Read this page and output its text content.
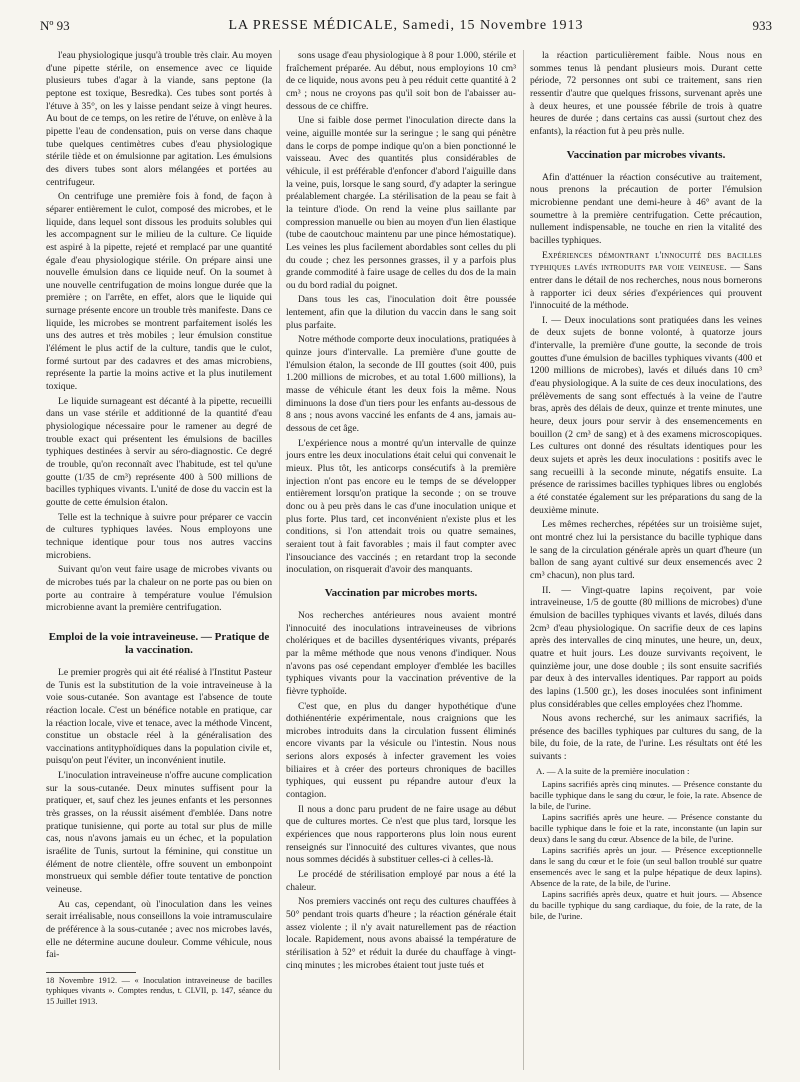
Nº 93	LA PRESSE MÉDICALE, Samedi, 15 Novembre 1913	933

l'eau physiologique jusqu'à trouble très clair. Au moyen d'une pipette stérile, on ensemence avec ce liquide plusieurs tubes d'agar à la viande, sans peptone (la peptone est toxique, Besredka). Ces tubes sont portés à l'étuve à 35°, on les y laisse pendant seize à vingt heures. Au bout de ce temps, on les retire de l'étuve, on enlève à la pipette l'eau de condensation, puis on verse dans chaque tube quelques centimètres cubes d'eau physiologique stérile tiède et on émulsionne par agitation. Les émulsions des divers tubes sont alors mélangées et portées au centrifugeur.

On centrifuge une première fois à fond, de façon à séparer entièrement le culot, composé des microbes, et le liquide, dans lequel sont dissous les produits solubles qui les accompagnent sur le milieu de la culture. Ce liquide est aspiré à la pipette, rejeté et remplacé par une quantité égale d'eau physiologique stérile. On prépare ainsi une nouvelle émulsion dans ce liquide neuf. On la soumet à une nouvelle centrifugation de moins longue durée que la première ; on l'arrête, en effet, alors que le liquide qui surnage présente encore un trouble très manifeste. Dans ce liquide, les microbes se montrent parfaitement isolés les uns des autres et très mobiles ; leur émulsion constitue l'élément le plus actif de la culture, tandis que le culot, formé surtout par des cadavres et des amas microbiens, représente la partie la moins active et la plus inutilement toxique.

Le liquide surnageant est décanté à la pipette, recueilli dans un vase stérile et additionné de la quantité d'eau physiologique nécessaire pour le ramener au degré de trouble exact qui présentent les émulsions de bacilles typhiques destinées à servir au séro-diagnostic. Ce degré de trouble, qu'on reconnaît avec l'habitude, est tel qu'une goutte (1/35 de cm³) représente 400 à 500 millions de bacilles typhiques vivants. L'unité de dose du vaccin est la goutte de cette émulsion étalon.

Telle est la technique à suivre pour préparer ce vaccin de cultures typhiques lavées. Nous employons une technique identique pour tous nos autres vaccins microbiens.

Suivant qu'on veut faire usage de microbes vivants ou de microbes tués par la chaleur on ne porte pas ou bien on porte au contraire à température voulue l'émulsion microbienne avant la première centrifugation.

Emploi de la voie intraveineuse. — Pratique de la vaccination.

Le premier progrès qui ait été réalisé à l'Institut Pasteur de Tunis est la substitution de la voie intraveineuse à la voie sous-cutanée. Son avantage est l'absence de toute réaction locale. C'est un bénéfice notable en pratique, car la réaction locale, vive et tenace, avec la méthode Vincent, constitue un obstacle réel à la généralisation des vaccinations antityphoïdiques dans la population civile et, puisqu'on peut l'éviter, un inconvénient inutile.

L'inoculation intraveineuse n'offre aucune complication sur la sous-cutanée. Deux minutes suffisent pour la pratiquer, et, sauf chez les jeunes enfants et les personnes très grasses, on la réussit aisément d'emblée. Dans notre pratique tunisienne, qui porte au total sur plus de mille cas, nous n'avons jamais eu un échec, et la population israélite de Tunis, surtout la féminine, qui constitue un élément de notre clientèle, offre souvent un embonpoint monstrueux qui semble défier toute tentative de ponction veineuse.

Au cas, cependant, où l'inoculation dans les veines serait irréalisable, nous conseillons la voie intramusculaire de préférence à la sous-cutanée ; avec nos microbes lavés, elle ne détermine aucune douleur. Comme véhicule, nous fai-

18 Novembre 1912. — « Inoculation intraveineuse de bacilles typhiques vivants ». Comptes rendus, t. CLVII, p. 147, séance du 15 Juillet 1913.

sons usage d'eau physiologique à 8 pour 1.000, stérile et fraîchement préparée. Au début, nous employions 10 cm³ de ce liquide, nous avons peu à peu réduit cette quantité à 2 cm³ ; nous ne croyons pas qu'il soit bon de l'abaisser au-dessous de ce chiffre.

Une si faible dose permet l'inoculation directe dans la veine, aiguille montée sur la seringue ; le sang qui pénètre dans le corps de pompe indique qu'on a bien ponctionné le vaisseau. Avec des quantités plus considérables de véhicule, il est préférable d'enfoncer d'abord l'aiguille dans la veine, puis, lorsque le sang sourd, d'y adapter la seringue préalablement chargée. La stérilisation de la peau se fait à la teinture d'iode. On rend la veine plus saillante par compression manuelle ou bien au moyen d'un lien élastique (tube de caoutchouc maintenu par une pince hémostatique). Les veines les plus facilement abordables sont celles du pli du coude ; chez les personnes grasses, il y a parfois plus grande commodité à faire usage de celles du dos de la main ou du bord radial du poignet.

Dans tous les cas, l'inoculation doit être poussée lentement, afin que la dilution du vaccin dans le sang soit plus parfaite.

Notre méthode comporte deux inoculations, pratiquées à quinze jours d'intervalle. La première d'une goutte de l'émulsion étalon, la seconde de III gouttes (soit 400, puis 1.200 millions de microbes, et au total 1.600 millions), la masse de véhicule étant les deux fois la même. Nous diminuons la dose d'un tiers pour les enfants au-dessous de 8 ans ; nous avons vacciné les enfants de 4 ans, jamais au-dessous de cet âge.

L'expérience nous a montré qu'un intervalle de quinze jours entre les deux inoculations était celui qui convenait le mieux. Plus tôt, les anticorps consécutifs à la première injection n'ont pas encore eu le temps de se développer entièrement lorsqu'on pratique la seconde ; on se trouve donc ou à peu près dans le cas d'une inoculation unique et plus forte. Plus tard, cet inconvénient n'existe plus et les conditions, si l'on attendait trois ou quatre semaines, seraient tout à fait favorables ; mais il faut compter avec l'insouciance des vaccinés ; en retardant trop la seconde inoculation, on risquerait d'avoir des manquants.

Vaccination par microbes morts.

Nos recherches antérieures nous avaient montré l'innocuité des inoculations intraveineuses de vibrions cholériques et de bacilles dysentériques vivants, préparés par la même méthode que nous venons d'indiquer. Nous n'avons pas osé cependant employer d'emblée les bacilles typhiques vivants pour la vaccination préventive de la fièvre typhoïde.

C'est que, en plus du danger hypothétique d'une dothiénentérie expérimentale, nous craignions que les microbes introduits dans la circulation fussent éliminés encore vivants par la vésicule ou l'intestin. Nous nous serions alors exposés à infecter gravement les voies biliaires et à créer des porteurs chroniques de bacilles typhiques, qui eussent pu répandre autour d'eux la contagion.

Il nous a donc paru prudent de ne faire usage au début que de cultures mortes. Ce n'est que plus tard, lorsque les expériences que nous rapporterons plus loin nous eurent renseignés sur l'innocuité des cultures vivantes, que nous nous sommes décidés à substituer celles-ci à celles-là.

Le procédé de stérilisation employé par nous a été la chaleur.

Nos premiers vaccinés ont reçu des cultures chauffées à 50° pendant trois quarts d'heure ; la réaction générale était assez violente ; il n'y avait naturellement pas de réaction locale. Rapidement, nous avons abaissé la température de stérilisation à 52° et réduit la durée du chauffage à vingt-cinq minutes ; les microbes étaient tout juste tués et

la réaction particulièrement faible. Nous nous en sommes tenus là pendant plusieurs mois. Durant cette période, 72 personnes ont subi ce traitement, sans rien ressentir d'autre que quelques frissons, survenant après une à deux heures, et une poussée fébrile de trois à quatre heures de durée ; dans certains cas aussi (surtout chez des enfants), la réaction fut à peu près nulle.

Vaccination par microbes vivants.

Afin d'atténuer la réaction consécutive au traitement, nous prenons la précaution de porter l'émulsion microbienne pendant une demi-heure à 46° avant de la soumettre à la première centrifugation. Cette précaution, nullement indispensable, ne touche en rien la vitalité des bacilles typhiques.

Expériences démontrant l'innocuité des bacilles typhiques lavés introduits par voie veineuse. — Sans entrer dans le détail de nos recherches, nous nous bornerons à rapporter ici deux séries d'expériences qui prouvent l'innocuité de la méthode.

I. — Deux inoculations sont pratiquées dans les veines de deux sujets de bonne volonté, à quatorze jours d'intervalle, la première d'une goutte, la seconde de trois gouttes d'une émulsion de bacilles typhiques vivants (400 et 1200 millions de microbes), lavés et dilués dans 10 cm³ d'eau physiologique. A la suite de ces deux inoculations, des prélèvements de sang sont effectués à la veine de l'autre bras, après des délais de deux, quinze et trente minutes, une heure, deux jours pour servir à des ensemencements en bouillon (2 cm³ de sang) et à des examens microscopiques. Les cultures ont donné des résultats identiques pour les deux sujets et après les deux inoculations : positifs avec le sang recueilli à la seconde minute, négatifs ensuite. La présence de rarissimes bacilles typhiques libres ou englobés a été constatée également sur les préparations du sang de la deuxième minute.

Les mêmes recherches, répétées sur un troisième sujet, ont montré chez lui la persistance du bacille typhique dans le sang de la circulation générale après un quart d'heure (un ballon de sang ayant cultivé sur deux ensemencés avec 2 cm³ chacun), non plus tard.

II. — Vingt-quatre lapins reçoivent, par voie intraveineuse, 1/5 de goutte (80 millions de microbes) d'une émulsion de bacilles typhiques vivants et lavés, dilués dans 2cm³ d'eau physiologique. On sacrifie deux de ces lapins après des intervalles de cinq minutes, une heure, un, deux, quatre et huit jours. Les douze survivants reçoivent, le quinzième jour, une dose double ; ils sont ensuite sacrifiés par deux à des intervalles identiques. Par rapport au poids des lapins (1.500 gr.), les doses inoculées sont infiniment plus considérables que celles employées chez l'homme.

Nous avons recherché, sur les animaux sacrifiés, la présence des bacilles typhiques par cultures du sang, de la bile, du foie, de la rate, de l'urine. Les résultats ont été les suivants :

A. — A la suite de la première inoculation :

Lapins sacrifiés après cinq minutes. — Présence constante du bacille typhique dans le sang du cœur, le foie, la rate. Absence de la bile, de l'urine.

Lapins sacrifiés après une heure. — Présence constante du bacille typhique dans le foie et la rate, inconstante (un lapin sur deux) dans le sang du cœur. Absence de la bile, de l'urine.

Lapins sacrifiés après un jour. — Présence exceptionnelle dans le sang du cœur et le foie (un seul ballon troublé sur quatre ensemencés avec le sang et la pulpe hépatique de deux lapins). Absence de la rate, de la bile, de l'urine.

Lapins sacrifiés après deux, quatre et huit jours. — Absence du bacille typhique du sang cardiaque, du foie, de la rate, de la bile, de l'urine.
